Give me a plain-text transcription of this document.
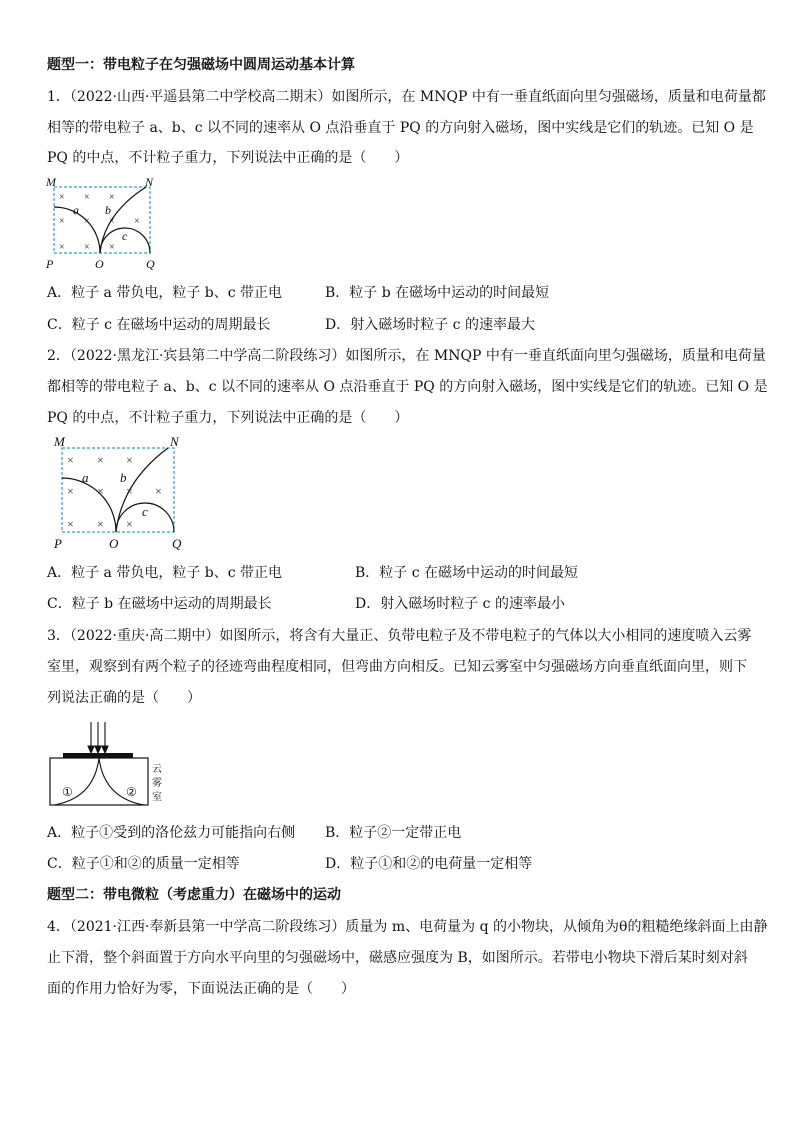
题型一：带电粒子在匀强磁场中圆周运动基本计算
1．（2022·山西·平遥县第二中学校高二期末）如图所示，在 MNQP 中有一垂直纸面向里匀强磁场，质量和电荷量都
相等的带电粒子 a、b、c 以不同的速率从 O 点沿垂直于 PQ 的方向射入磁场，图中实线是它们的轨迹。已知 O 是
PQ 的中点，不计粒子重力，下列说法中正确的是（　　）
× × ×
× × × ×
× × ×
M	N
P	O	Q
a b
c
A．粒子 a 带负电，粒子 b、c 带正电	B．粒子 b 在磁场中运动的时间最短
C．粒子 c 在磁场中运动的周期最长	D．射入磁场时粒子 c 的速率最大
2．（2022·黑龙江·宾县第二中学高二阶段练习）如图所示，在 MNQP 中有一垂直纸面向里匀强磁场，质量和电荷量
都相等的带电粒子 a、b、c 以不同的速率从 O 点沿垂直于 PQ 的方向射入磁场，图中实线是它们的轨迹。已知 O 是
PQ 的中点，不计粒子重力，下列说法中正确的是（　　）
× × ×
× × × ×
× × ×
M	N
P	O	Q
a b
c
A．粒子 a 带负电，粒子 b、c 带正电	B．粒子 c 在磁场中运动的时间最短
C．粒子 b 在磁场中运动的周期最长	D．射入磁场时粒子 c 的速率最小
3．（2022·重庆·高二期中）如图所示，将含有大量正、负带电粒子及不带电粒子的气体以大小相同的速度喷入云雾
室里，观察到有两个粒子的径迹弯曲程度相同，但弯曲方向相反。已知云雾室中匀强磁场方向垂直纸面向里，则下
列说法正确的是（　　）
①	②
云
雾
室
A．粒子①受到的洛伦兹力可能指向右侧 B．粒子②一定带正电
C．粒子①和②的质量一定相等	D．粒子①和②的电荷量一定相等
题型二：带电微粒（考虑重力）在磁场中的运动
4．（2021·江西·奉新县第一中学高二阶段练习）质量为 m、电荷量为 q 的小物块，从倾角为θ的粗糙绝缘斜面上由静
止下滑，整个斜面置于方向水平向里的匀强磁场中，磁感应强度为 B，如图所示。若带电小物块下滑后某时刻对斜
面的作用力恰好为零，下面说法正确的是（　　）
